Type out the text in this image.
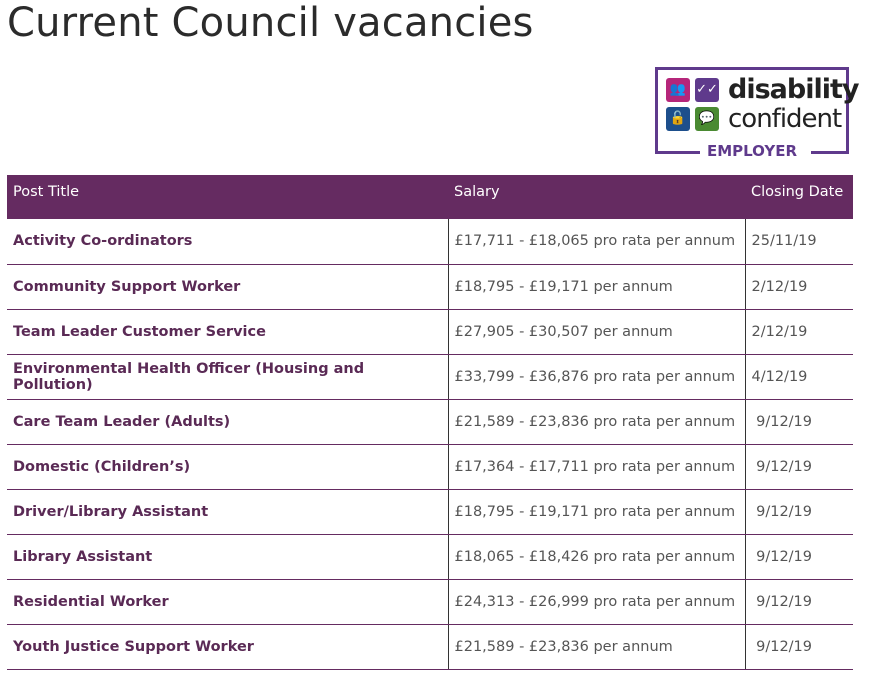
Current Council vacancies
👥 ✓✓
🔓 💬
disability
confident
EMPLOYER
Post Title	Salary	Closing Date
Activity Co-ordinators	£17,711 - £18,065 pro rata per annum	25/11/19
Community Support Worker	£18,795 - £19,171 per annum	2/12/19
Team Leader Customer Service	£27,905 - £30,507 per annum	2/12/19
Environmental Health Officer (Housing and Pollution)	£33,799 - £36,876 pro rata per annum	4/12/19
Care Team Leader (Adults)	£21,589 - £23,836 pro rata per annum	9/12/19
Domestic (Children’s)	£17,364 - £17,711 pro rata per annum	9/12/19
Driver/Library Assistant	£18,795 - £19,171 pro rata per annum	9/12/19
Library Assistant	£18,065 - £18,426 pro rata per annum	9/12/19
Residential Worker	£24,313 - £26,999 pro rata per annum	9/12/19
Youth Justice Support Worker	£21,589 - £23,836 per annum	9/12/19
